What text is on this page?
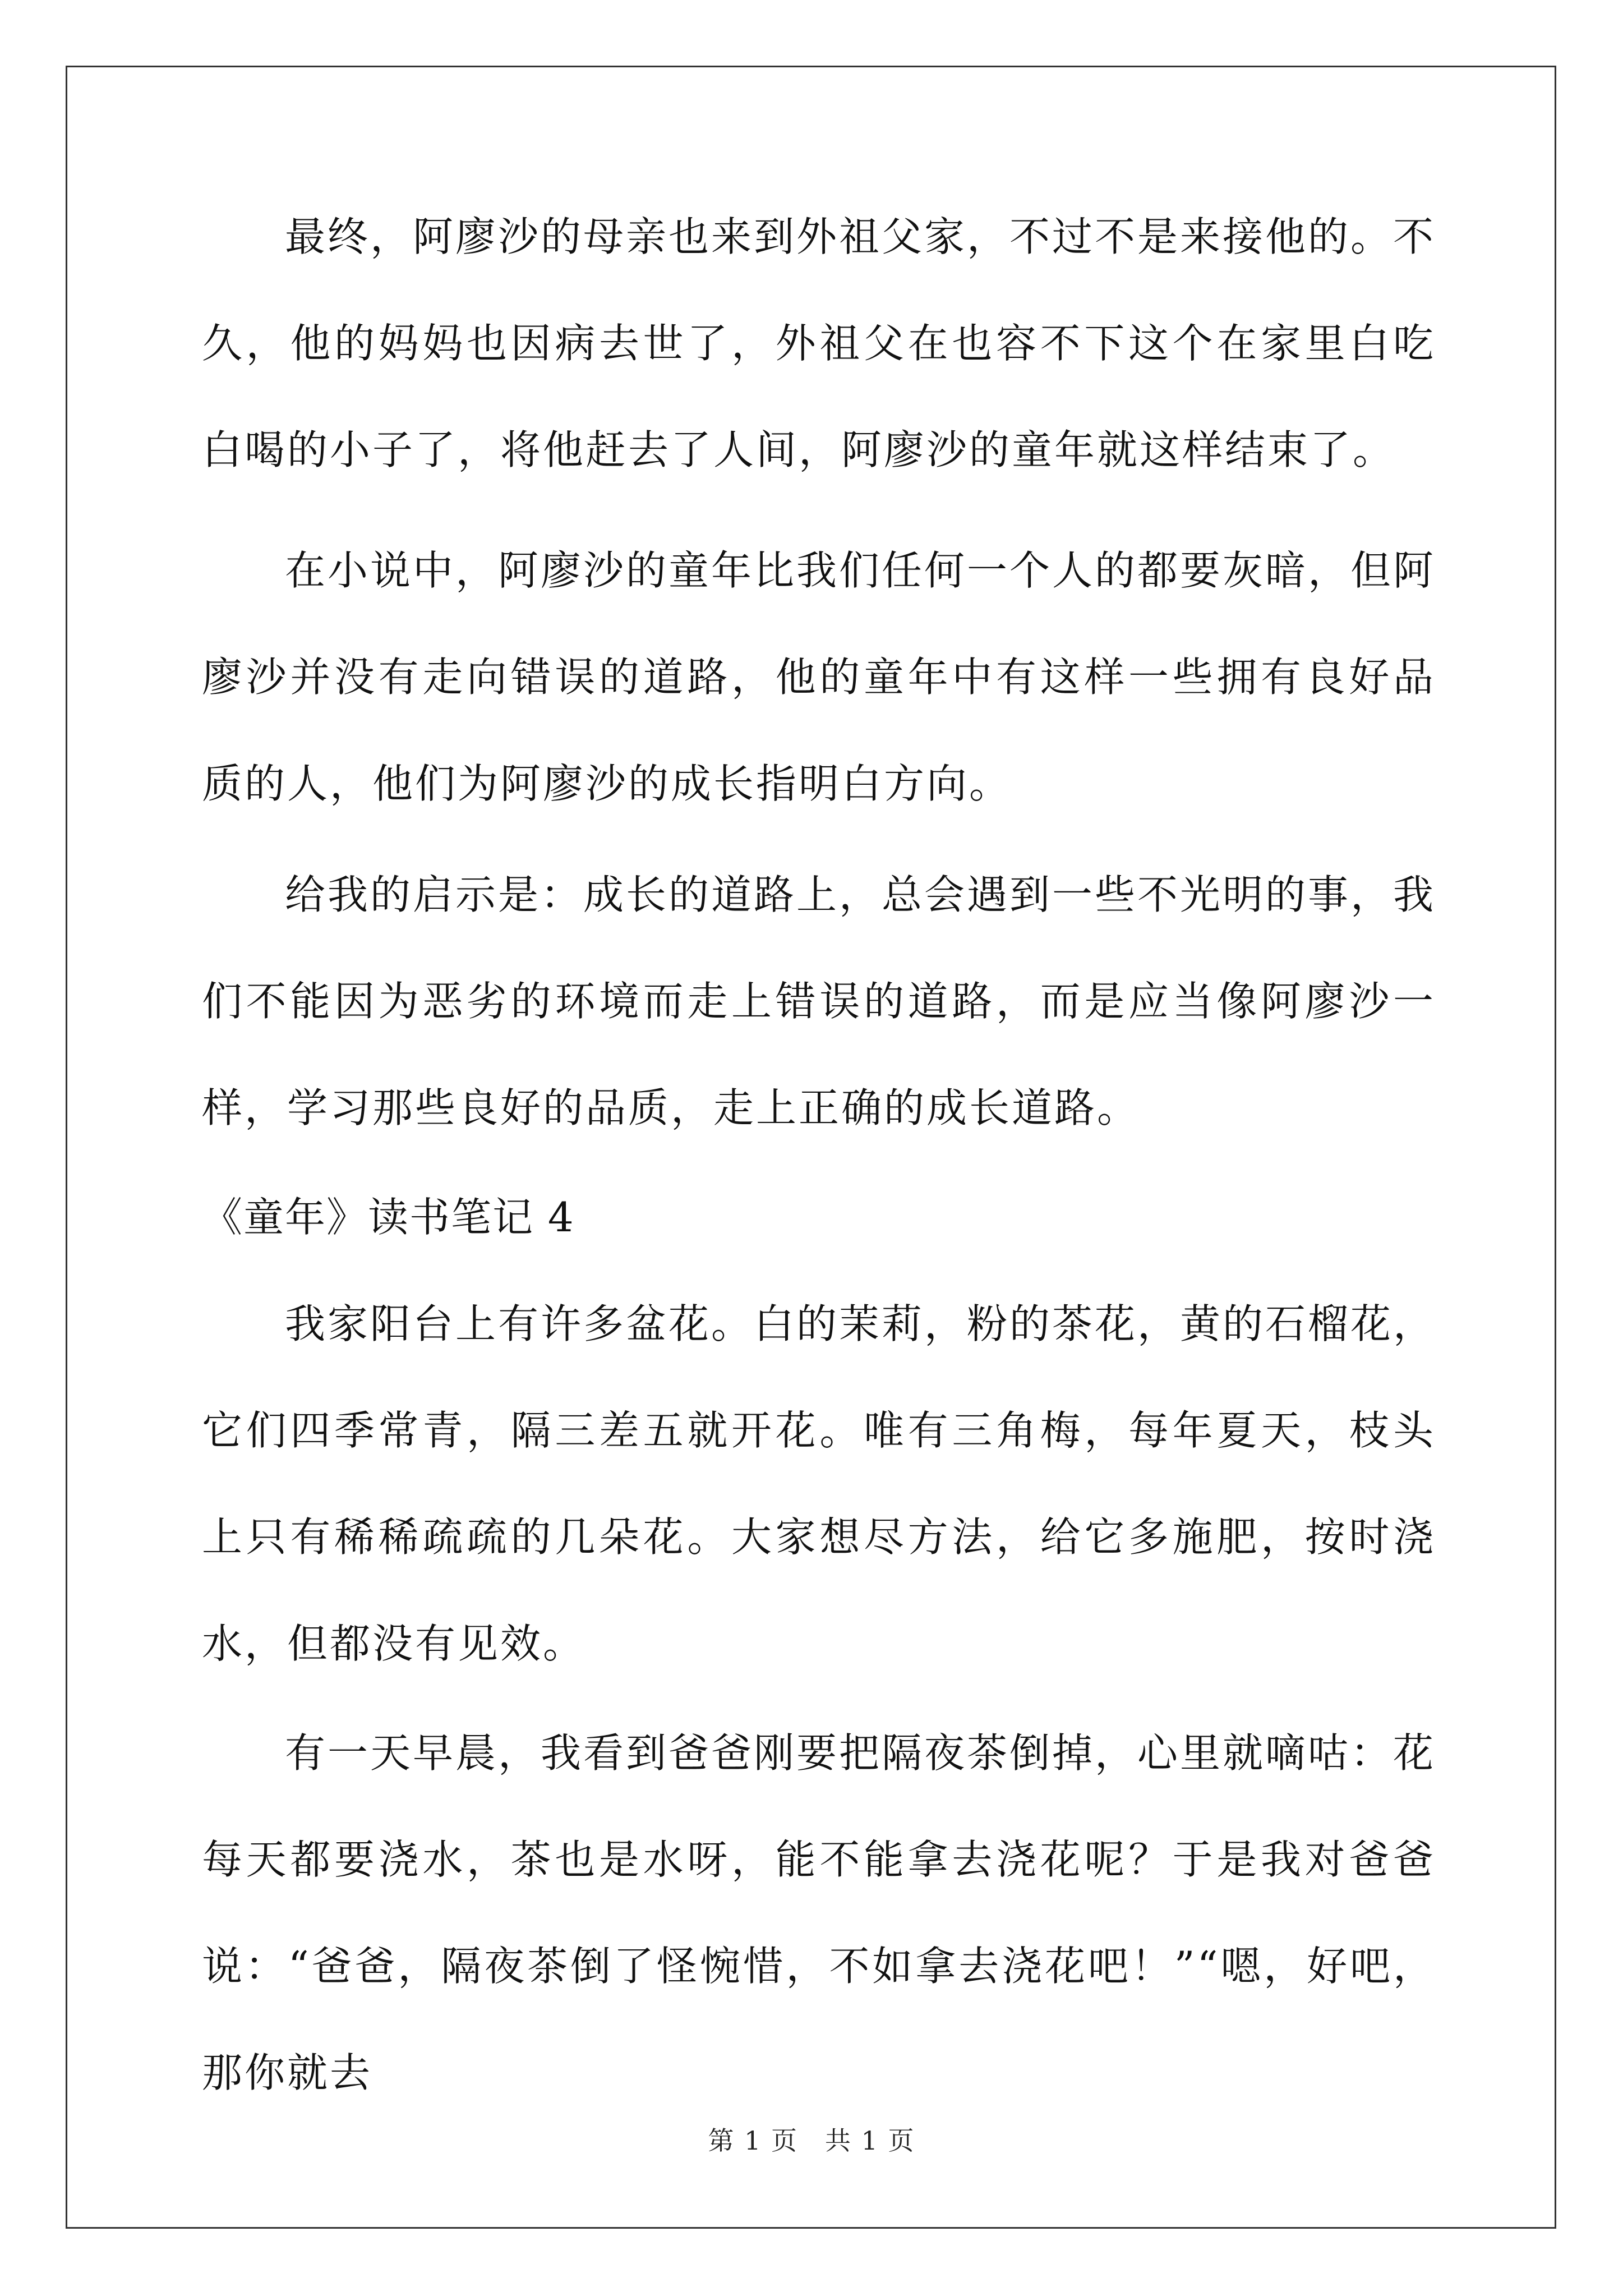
最终，阿廖沙的母亲也来到外祖父家，不过不是来接他的。不久，他的妈妈也因病去世了，外祖父在也容不下这个在家里白吃白喝的小子了，将他赶去了人间，阿廖沙的童年就这样结束了。

在小说中，阿廖沙的童年比我们任何一个人的都要灰暗，但阿廖沙并没有走向错误的道路，他的童年中有这样一些拥有良好品质的人，他们为阿廖沙的成长指明白方向。

给我的启示是：成长的道路上，总会遇到一些不光明的事，我们不能因为恶劣的环境而走上错误的道路，而是应当像阿廖沙一样，学习那些良好的品质，走上正确的成长道路。

《童年》读书笔记 4

我家阳台上有许多盆花。白的茉莉，粉的茶花，黄的石榴花，它们四季常青，隔三差五就开花。唯有三角梅，每年夏天，枝头上只有稀稀疏疏的几朵花。大家想尽方法，给它多施肥，按时浇水，但都没有见效。

有一天早晨，我看到爸爸刚要把隔夜茶倒掉，心里就嘀咕：花每天都要浇水，茶也是水呀，能不能拿去浇花呢？于是我对爸爸说：“爸爸，隔夜茶倒了怪惋惜，不如拿去浇花吧！”“嗯，好吧，那你就去

第 1 页　共 1 页
